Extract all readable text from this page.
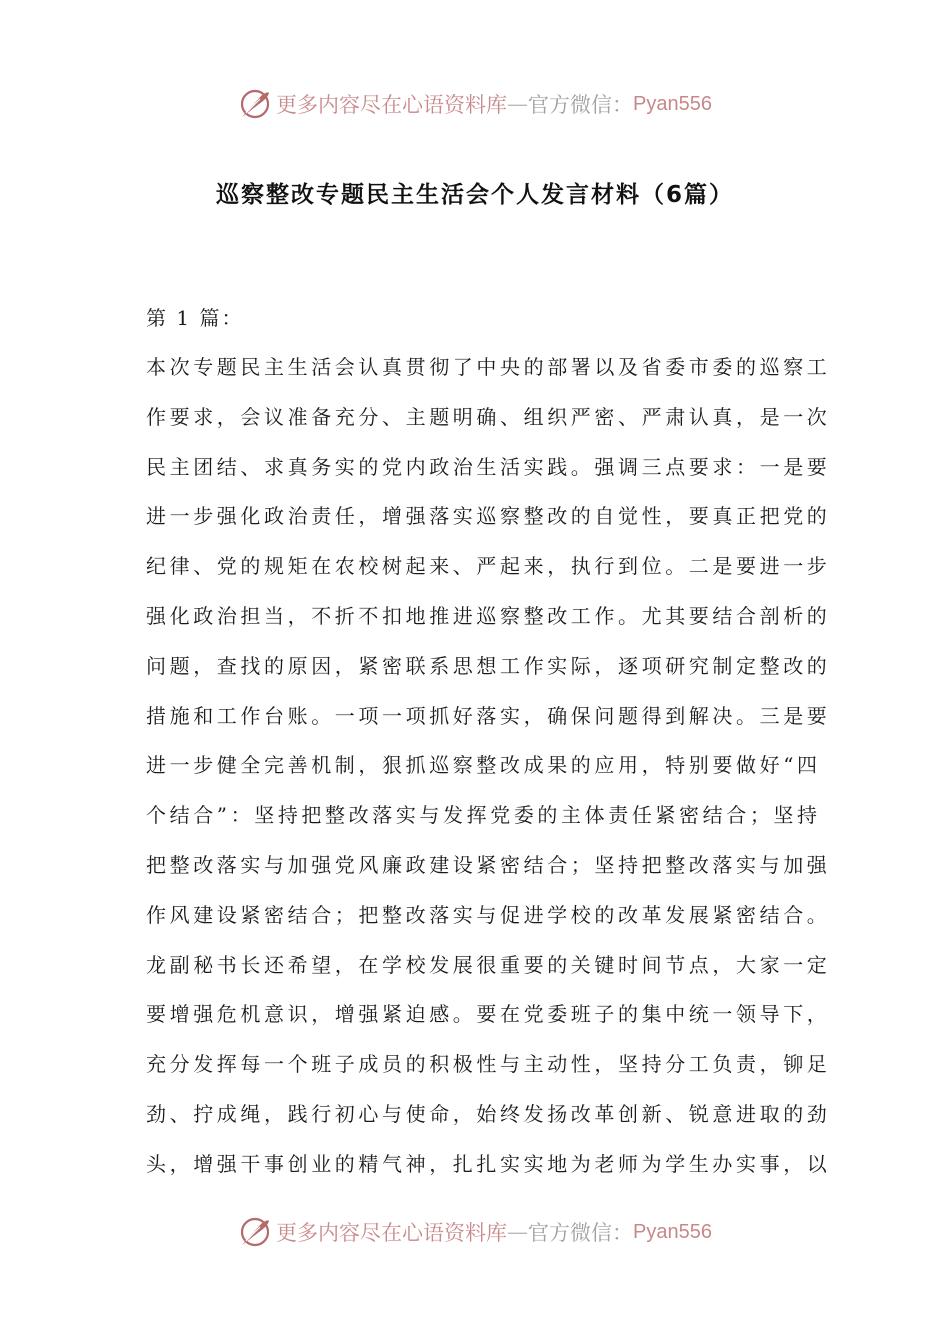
更多内容尽在心语资料库 — 官方微信： Pyan556
巡察整改专题民主生活会个人发言材料（6篇）

第 1 篇：

本次专题民主生活会认真贯彻了中央的部署以及省委市委的巡察工
作要求，会议准备充分、主题明确、组织严密、严肃认真，是一次
民主团结、求真务实的党内政治生活实践。强调三点要求：一是要
进一步强化政治责任，增强落实巡察整改的自觉性，要真正把党的
纪律、党的规矩在农校树起来、严起来，执行到位。二是要进一步
强化政治担当，不折不扣地推进巡察整改工作。尤其要结合剖析的
问题，查找的原因，紧密联系思想工作实际，逐项研究制定整改的
措施和工作台账。一项一项抓好落实，确保问题得到解决。三是要
进一步健全完善机制，狠抓巡察整改成果的应用，特别要做好“四
个结合”：坚持把整改落实与发挥党委的主体责任紧密结合；坚持
把整改落实与加强党风廉政建设紧密结合；坚持把整改落实与加强
作风建设紧密结合；把整改落实与促进学校的改革发展紧密结合。
龙副秘书长还希望，在学校发展很重要的关键时间节点，大家一定
要增强危机意识，增强紧迫感。要在党委班子的集中统一领导下，
充分发挥每一个班子成员的积极性与主动性，坚持分工负责，铆足
劲、拧成绳，践行初心与使命，始终发扬改革创新、锐意进取的劲
头，增强干事创业的精气神，扎扎实实地为老师为学生办实事，以
更多内容尽在心语资料库 — 官方微信： Pyan556
